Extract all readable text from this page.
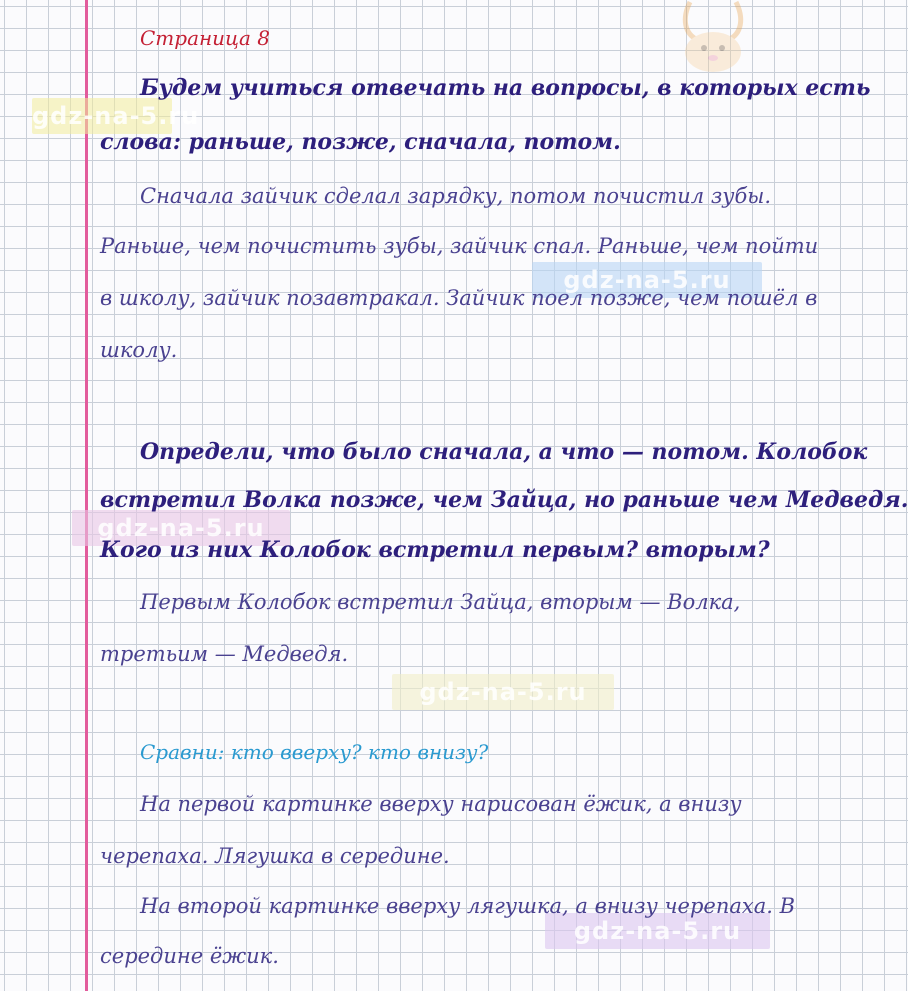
gdz-na-5.ru
gdz-na-5.ru
gdz-na-5.ru
gdz-na-5.ru
gdz-na-5.ru

Страница 8

Будем учиться отвечать на вопросы, в которых есть

слова: раньше, позже, сначала, потом.

Сначала зайчик сделал зарядку, потом почистил зубы.

Раньше, чем почистить зубы, зайчик спал. Раньше, чем пойти

в школу, зайчик позавтракал. Зайчик поел позже, чем пошёл в

школу.

Определи, что было сначала, а что — потом. Колобок

встретил Волка позже, чем Зайца, но раньше чем Медведя.

Кого из них Колобок встретил первым? вторым?

Первым Колобок встретил Зайца, вторым — Волка,

третьим — Медведя.

Сравни: кто вверху? кто внизу?

На первой картинке вверху нарисован ёжик, а внизу

черепаха. Лягушка в середине.

На второй картинке вверху лягушка, а внизу черепаха. В

середине ёжик.
